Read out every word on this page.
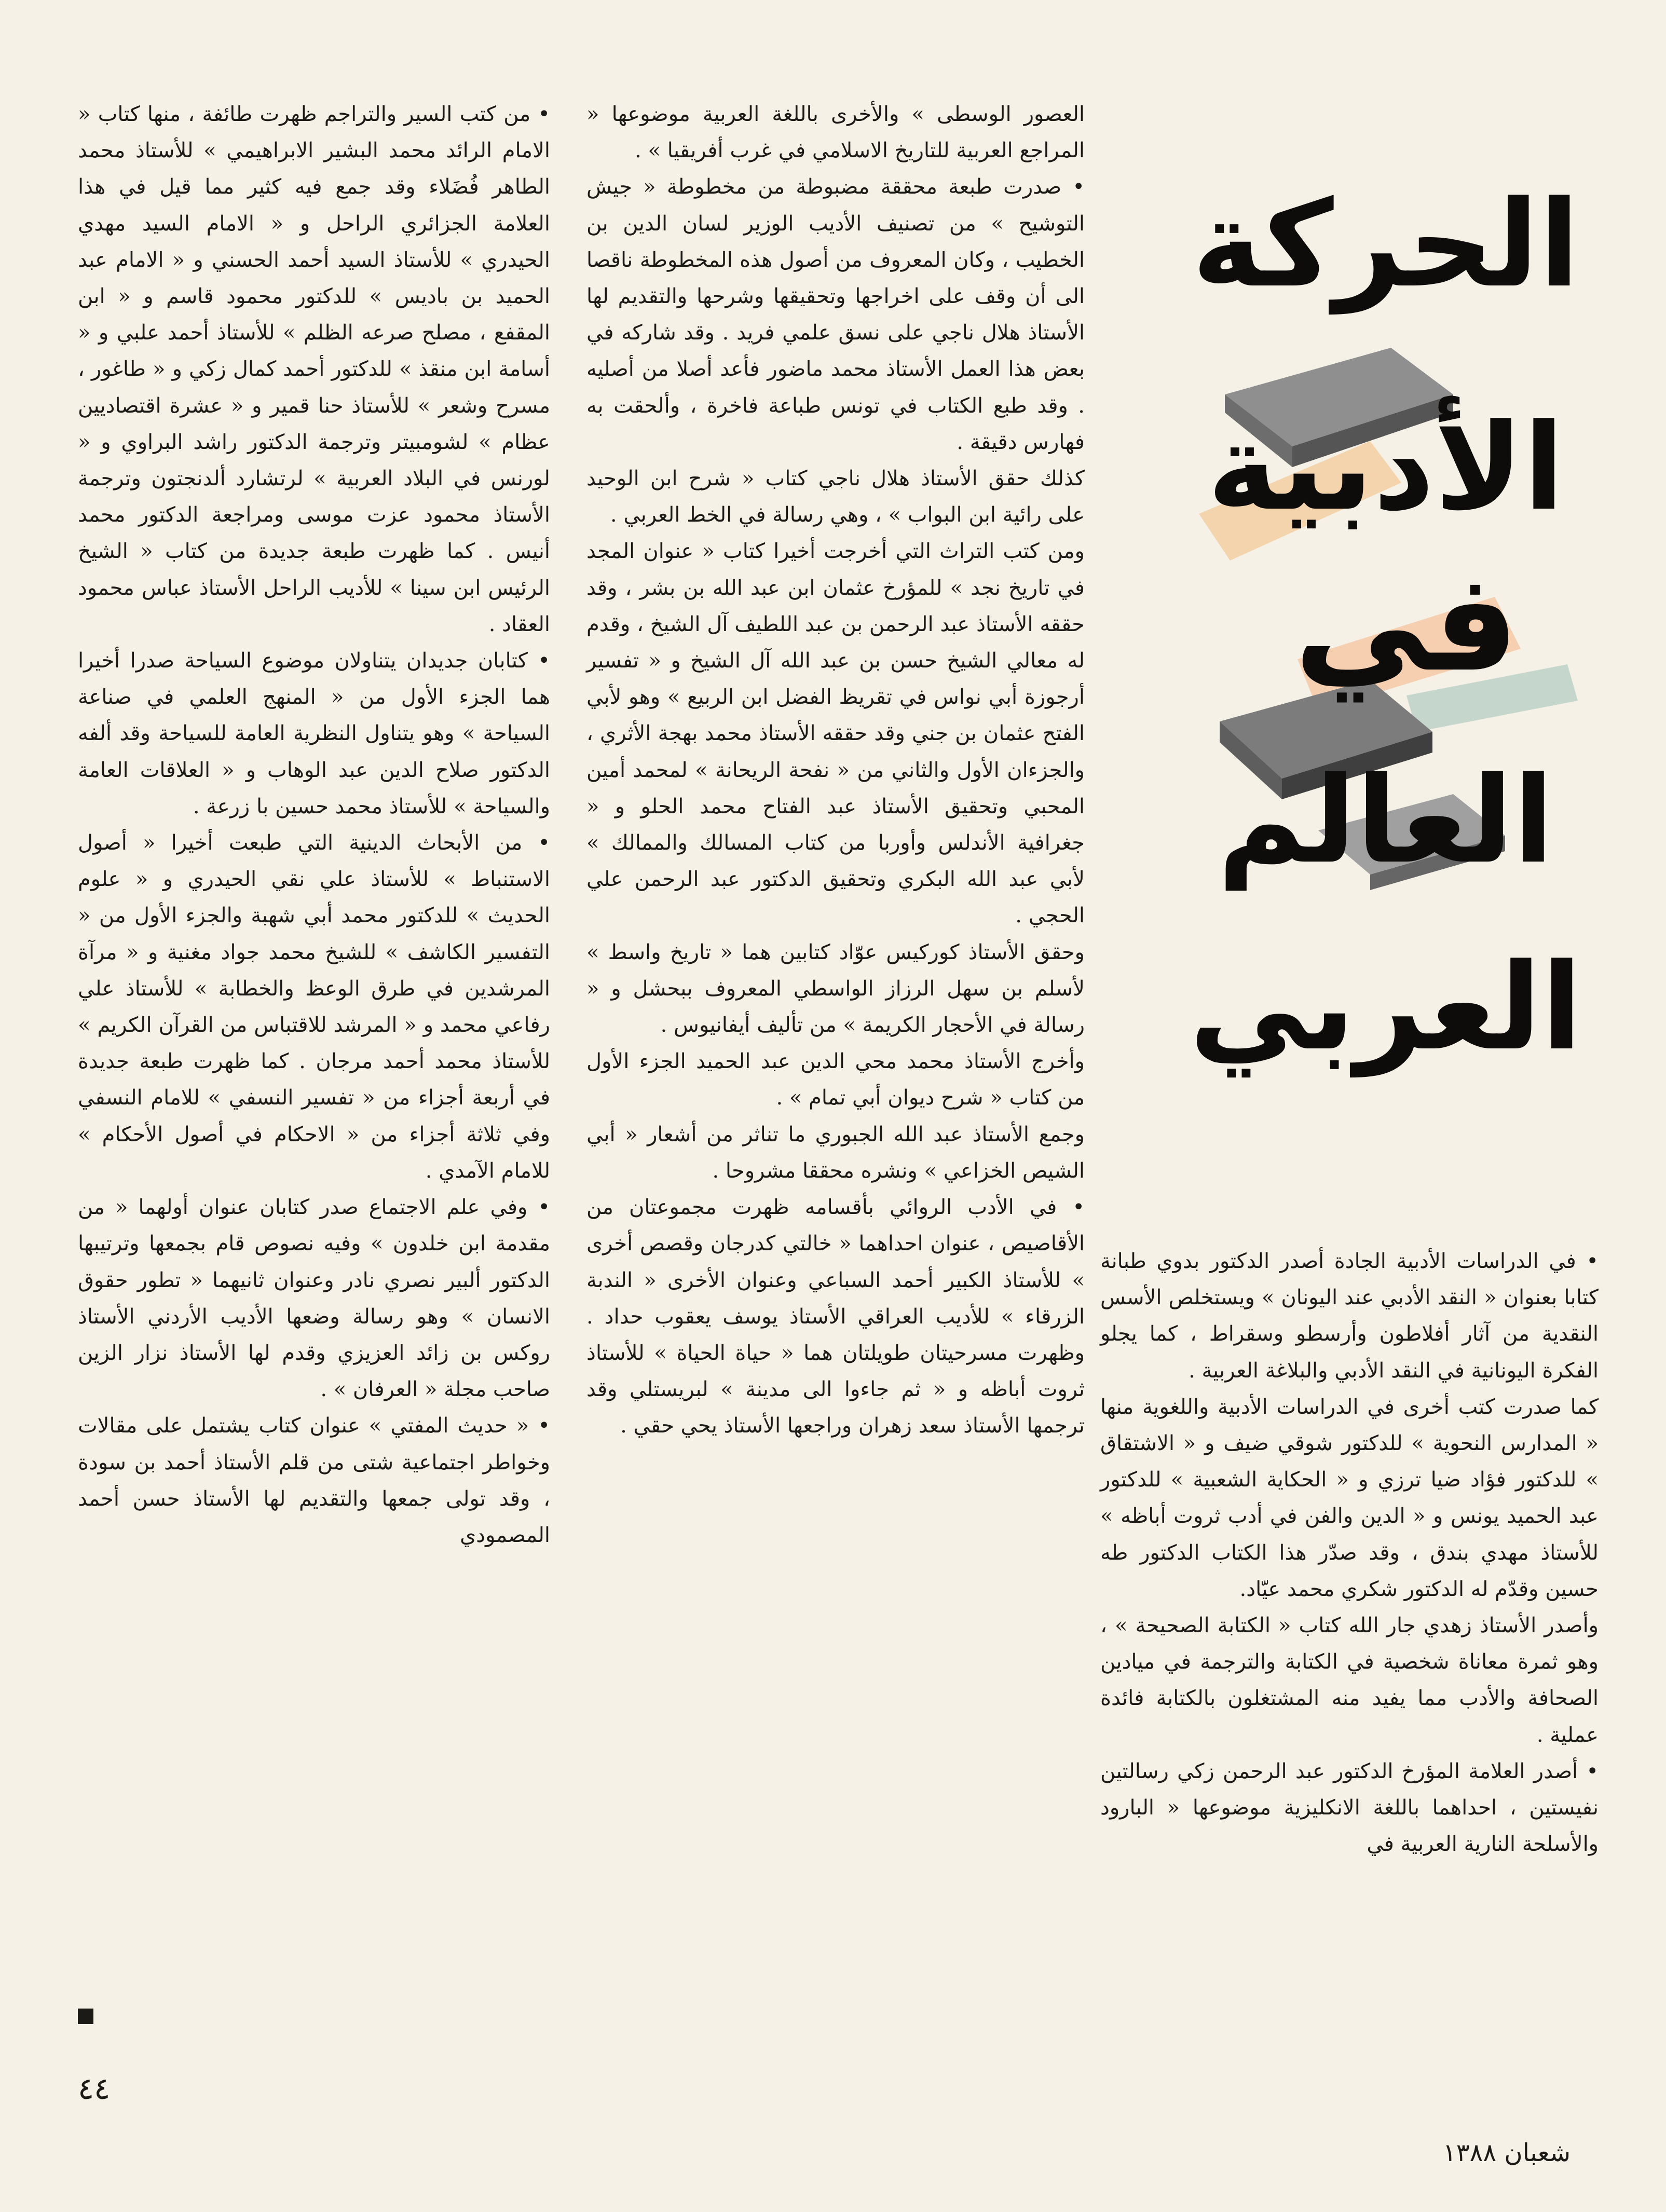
الحركة
الأدبية
في
العالم
العربي

• في الدراسات الأدبية الجادة أصدر الدكتور بدوي طبانة كتابا بعنوان « النقد الأدبي عند اليونان » ويستخلص الأسس النقدية من آثار أفلاطون وأرسطو وسقراط ، كما يجلو الفكرة اليونانية في النقد الأدبي والبلاغة العربية .

كما صدرت كتب أخرى في الدراسات الأدبية واللغوية منها « المدارس النحوية » للدكتور شوقي ضيف و « الاشتقاق » للدكتور فؤاد ضيا ترزي و « الحكاية الشعبية » للدكتور عبد الحميد يونس و « الدين والفن في أدب ثروت أباظه » للأستاذ مهدي بندق ، وقد صدّر هذا الكتاب الدكتور طه حسين وقدّم له الدكتور شكري محمد عيّاد.

وأصدر الأستاذ زهدي جار الله كتاب « الكتابة الصحيحة » ، وهو ثمرة معاناة شخصية في الكتابة والترجمة في ميادين الصحافة والأدب مما يفيد منه المشتغلون بالكتابة فائدة عملية .

• أصدر العلامة المؤرخ الدكتور عبد الرحمن زكي رسالتين نفيستين ، احداهما باللغة الانكليزية موضوعها « البارود والأسلحة النارية العربية في

العصور الوسطى » والأخرى باللغة العربية موضوعها « المراجع العربية للتاريخ الاسلامي في غرب أفريقيا » .

• صدرت طبعة محققة مضبوطة من مخطوطة « جيش التوشيح » من تصنيف الأديب الوزير لسان الدين بن الخطيب ، وكان المعروف من أصول هذه المخطوطة ناقصا الى أن وقف على اخراجها وتحقيقها وشرحها والتقديم لها الأستاذ هلال ناجي على نسق علمي فريد . وقد شاركه في بعض هذا العمل الأستاذ محمد ماضور فأعد أصلا من أصليه . وقد طبع الكتاب في تونس طباعة فاخرة ، وألحقت به فهارس دقيقة .

كذلك حقق الأستاذ هلال ناجي كتاب « شرح ابن الوحيد على رائية ابن البواب » ، وهي رسالة في الخط العربي .

ومن كتب التراث التي أخرجت أخيرا كتاب « عنوان المجد في تاريخ نجد » للمؤرخ عثمان ابن عبد الله بن بشر ، وقد حققه الأستاذ عبد الرحمن بن عبد اللطيف آل الشيخ ، وقدم له معالي الشيخ حسن بن عبد الله آل الشيخ و « تفسير أرجوزة أبي نواس في تقريظ الفضل ابن الربيع » وهو لأبي الفتح عثمان بن جني وقد حققه الأستاذ محمد بهجة الأثري ، والجزءان الأول والثاني من « نفحة الريحانة » لمحمد أمين المحبي وتحقيق الأستاذ عبد الفتاح محمد الحلو و « جغرافية الأندلس وأوربا من كتاب المسالك والممالك » لأبي عبد الله البكري وتحقيق الدكتور عبد الرحمن علي الحجي .

وحقق الأستاذ كوركيس عوّاد كتابين هما « تاريخ واسط » لأسلم بن سهل الرزاز الواسطي المعروف ببحشل و « رسالة في الأحجار الكريمة » من تأليف أيفانيوس .

وأخرج الأستاذ محمد محي الدين عبد الحميد الجزء الأول من كتاب « شرح ديوان أبي تمام » .

وجمع الأستاذ عبد الله الجبوري ما تناثر من أشعار « أبي الشيص الخزاعي » ونشره محققا مشروحا .

• في الأدب الروائي بأقسامه ظهرت مجموعتان من الأقاصيص ، عنوان احداهما « خالتي كدرجان وقصص أخرى » للأستاذ الكبير أحمد السباعي وعنوان الأخرى « الندبة الزرقاء » للأديب العراقي الأستاذ يوسف يعقوب حداد . وظهرت مسرحيتان طويلتان هما « حياة الحياة » للأستاذ ثروت أباظه و « ثم جاءوا الى مدينة » لبريستلي وقد ترجمها الأستاذ سعد زهران وراجعها الأستاذ يحي حقي .

• من كتب السير والتراجم ظهرت طائفة ، منها كتاب « الامام الرائد محمد البشير الابراهيمي » للأستاذ محمد الطاهر فُضَلاء وقد جمع فيه كثير مما قيل في هذا العلامة الجزائري الراحل و « الامام السيد مهدي الحيدري » للأستاذ السيد أحمد الحسني و « الامام عبد الحميد بن باديس » للدكتور محمود قاسم و « ابن المقفع ، مصلح صرعه الظلم » للأستاذ أحمد علبي و « أسامة ابن منقذ » للدكتور أحمد كمال زكي و « طاغور ، مسرح وشعر » للأستاذ حنا قمير و « عشرة اقتصاديين عظام » لشومبيتر وترجمة الدكتور راشد البراوي و « لورنس في البلاد العربية » لرتشارد ألدنجتون وترجمة الأستاذ محمود عزت موسى ومراجعة الدكتور محمد أنيس . كما ظهرت طبعة جديدة من كتاب « الشيخ الرئيس ابن سينا » للأديب الراحل الأستاذ عباس محمود العقاد .

• كتابان جديدان يتناولان موضوع السياحة صدرا أخيرا هما الجزء الأول من « المنهج العلمي في صناعة السياحة » وهو يتناول النظرية العامة للسياحة وقد ألفه الدكتور صلاح الدين عبد الوهاب و « العلاقات العامة والسياحة » للأستاذ محمد حسين با زرعة .

• من الأبحاث الدينية التي طبعت أخيرا « أصول الاستنباط » للأستاذ علي نقي الحيدري و « علوم الحديث » للدكتور محمد أبي شهبة والجزء الأول من « التفسير الكاشف » للشيخ محمد جواد مغنية و « مرآة المرشدين في طرق الوعظ والخطابة » للأستاذ علي رفاعي محمد و « المرشد للاقتباس من القرآن الكريم » للأستاذ محمد أحمد مرجان . كما ظهرت طبعة جديدة في أربعة أجزاء من « تفسير النسفي » للامام النسفي وفي ثلاثة أجزاء من « الاحكام في أصول الأحكام » للامام الآمدي .

• وفي علم الاجتماع صدر كتابان عنوان أولهما « من مقدمة ابن خلدون » وفيه نصوص قام بجمعها وترتيبها الدكتور ألبير نصري نادر وعنوان ثانيهما « تطور حقوق الانسان » وهو رسالة وضعها الأديب الأردني الأستاذ روكس بن زائد العزيزي وقدم لها الأستاذ نزار الزين صاحب مجلة « العرفان » .

• « حديث المفتي » عنوان كتاب يشتمل على مقالات وخواطر اجتماعية شتى من قلم الأستاذ أحمد بن سودة ، وقد تولى جمعها والتقديم لها الأستاذ حسن أحمد المصمودي

٤٤
شعبان ١٣٨٨
